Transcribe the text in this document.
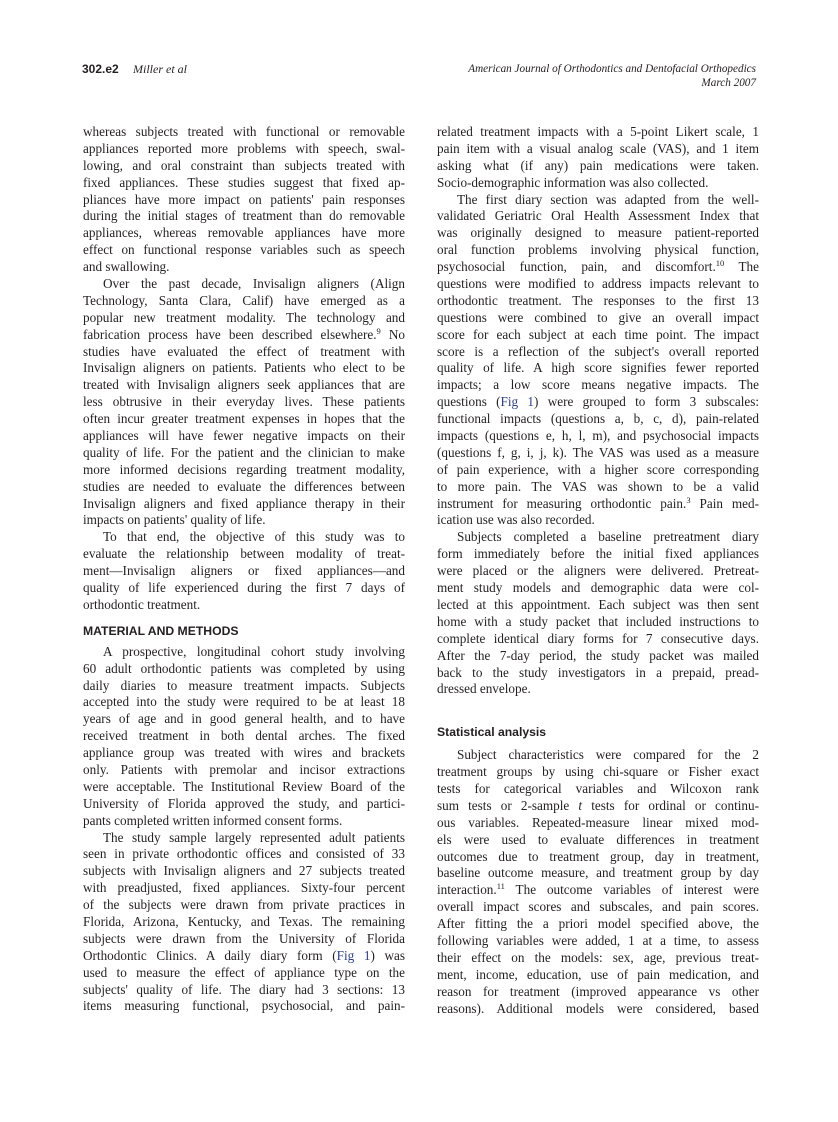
302.e2 Miller et al	American Journal of Orthodontics and Dentofacial Orthopedics
March 2007
whereas subjects treated with functional or removable
appliances reported more problems with speech, swal-
lowing, and oral constraint than subjects treated with
fixed appliances. These studies suggest that fixed ap-
pliances have more impact on patients' pain responses
during the initial stages of treatment than do removable
appliances, whereas removable appliances have more
effect on functional response variables such as speech
and swallowing.
Over the past decade, Invisalign aligners (Align
Technology, Santa Clara, Calif) have emerged as a
popular new treatment modality. The technology and
fabrication process have been described elsewhere.$^9$ No
studies have evaluated the effect of treatment with
Invisalign aligners on patients. Patients who elect to be
treated with Invisalign aligners seek appliances that are
less obtrusive in their everyday lives. These patients
often incur greater treatment expenses in hopes that the
appliances will have fewer negative impacts on their
quality of life. For the patient and the clinician to make
more informed decisions regarding treatment modality,
studies are needed to evaluate the differences between
Invisalign aligners and fixed appliance therapy in their
impacts on patients' quality of life.
To that end, the objective of this study was to
evaluate the relationship between modality of treat-
ment—Invisalign aligners or fixed appliances—and
quality of life experienced during the first 7 days of
orthodontic treatment.
MATERIAL AND METHODS
A prospective, longitudinal cohort study involving
60 adult orthodontic patients was completed by using
daily diaries to measure treatment impacts. Subjects
accepted into the study were required to be at least 18
years of age and in good general health, and to have
received treatment in both dental arches. The fixed
appliance group was treated with wires and brackets
only. Patients with premolar and incisor extractions
were acceptable. The Institutional Review Board of the
University of Florida approved the study, and partici-
pants completed written informed consent forms.
The study sample largely represented adult patients
seen in private orthodontic offices and consisted of 33
subjects with Invisalign aligners and 27 subjects treated
with preadjusted, fixed appliances. Sixty-four percent
of the subjects were drawn from private practices in
Florida, Arizona, Kentucky, and Texas. The remaining
subjects were drawn from the University of Florida
Orthodontic Clinics. A daily diary form (Fig 1) was
used to measure the effect of appliance type on the
subjects' quality of life. The diary had 3 sections: 13
items measuring functional, psychosocial, and pain-
related treatment impacts with a 5-point Likert scale, 1
pain item with a visual analog scale (VAS), and 1 item
asking what (if any) pain medications were taken.
Socio-demographic information was also collected.
The first diary section was adapted from the well-
validated Geriatric Oral Health Assessment Index that
was originally designed to measure patient-reported
oral function problems involving physical function,
psychosocial function, pain, and discomfort.$^{10}$ The
questions were modified to address impacts relevant to
orthodontic treatment. The responses to the first 13
questions were combined to give an overall impact
score for each subject at each time point. The impact
score is a reflection of the subject's overall reported
quality of life. A high score signifies fewer reported
impacts; a low score means negative impacts. The
questions (Fig 1) were grouped to form 3 subscales:
functional impacts (questions a, b, c, d), pain-related
impacts (questions e, h, l, m), and psychosocial impacts
(questions f, g, i, j, k). The VAS was used as a measure
of pain experience, with a higher score corresponding
to more pain. The VAS was shown to be a valid
instrument for measuring orthodontic pain.$^3$ Pain med-
ication use was also recorded.
Subjects completed a baseline pretreatment diary
form immediately before the initial fixed appliances
were placed or the aligners were delivered. Pretreat-
ment study models and demographic data were col-
lected at this appointment. Each subject was then sent
home with a study packet that included instructions to
complete identical diary forms for 7 consecutive days.
After the 7-day period, the study packet was mailed
back to the study investigators in a prepaid, pread-
dressed envelope.
Statistical analysis
Subject characteristics were compared for the 2
treatment groups by using chi-square or Fisher exact
tests for categorical variables and Wilcoxon rank
sum tests or 2-sample t tests for ordinal or continu-
ous variables. Repeated-measure linear mixed mod-
els were used to evaluate differences in treatment
outcomes due to treatment group, day in treatment,
baseline outcome measure, and treatment group by day
interaction.$^{11}$ The outcome variables of interest were
overall impact scores and subscales, and pain scores.
After fitting the a priori model specified above, the
following variables were added, 1 at a time, to assess
their effect on the models: sex, age, previous treat-
ment, income, education, use of pain medication, and
reason for treatment (improved appearance vs other
reasons). Additional models were considered, based
